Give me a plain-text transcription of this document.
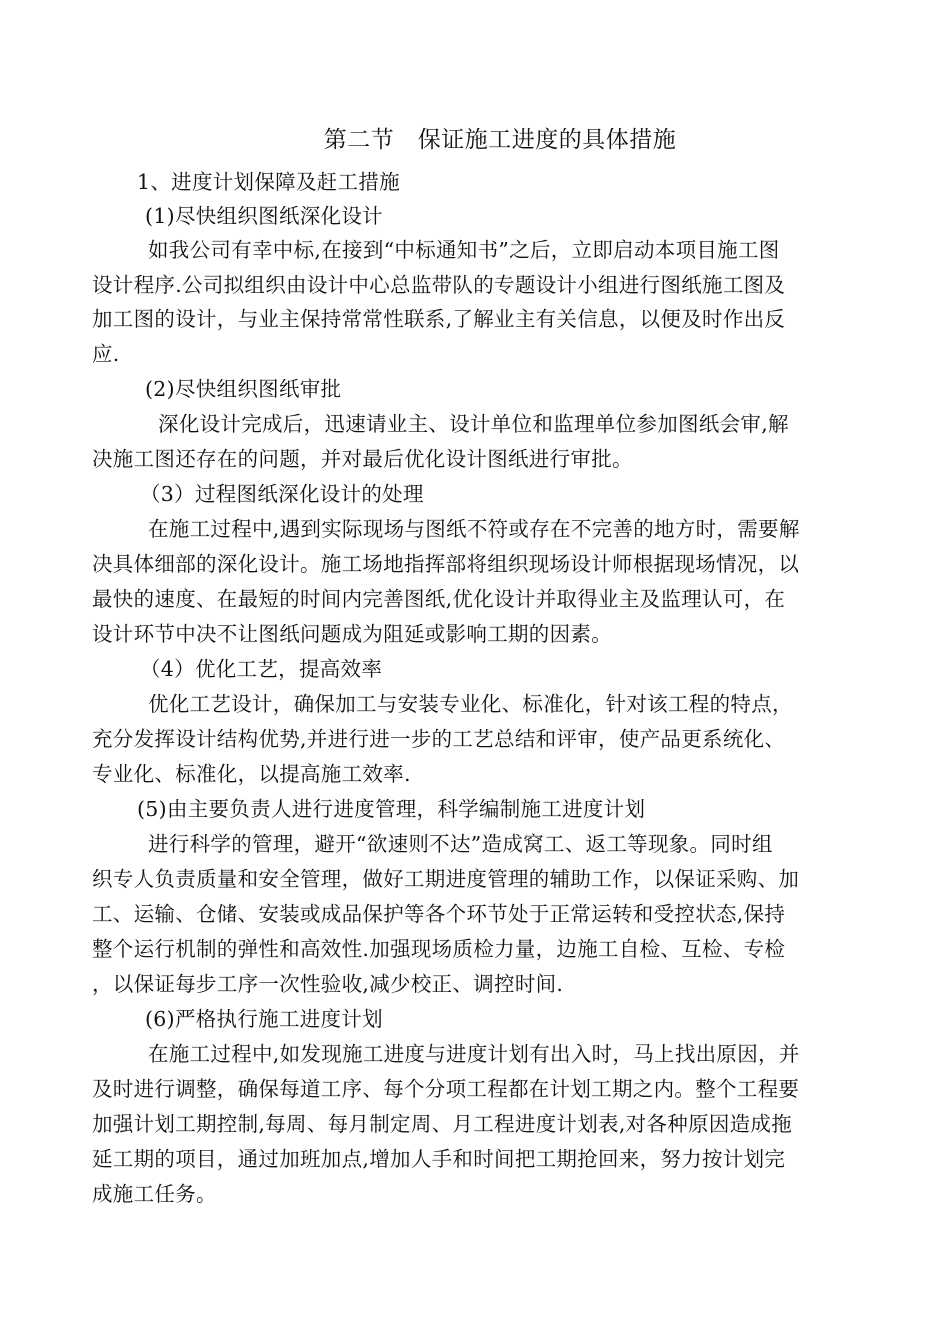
第二节　保证施工进度的具体措施
1、进度计划保障及赶工措施
(1)尽快组织图纸深化设计
如我公司有幸中标,在接到“中标通知书”之后，立即启动本项目施工图
设计程序.公司拟组织由设计中心总监带队的专题设计小组进行图纸施工图及
加工图的设计，与业主保持常常性联系,了解业主有关信息，以便及时作出反
应.
(2)尽快组织图纸审批
深化设计完成后，迅速请业主、设计单位和监理单位参加图纸会审,解
决施工图还存在的问题，并对最后优化设计图纸进行审批。
（3）过程图纸深化设计的处理
在施工过程中,遇到实际现场与图纸不符或存在不完善的地方时，需要解
决具体细部的深化设计。施工场地指挥部将组织现场设计师根据现场情况，以
最快的速度、在最短的时间内完善图纸,优化设计并取得业主及监理认可，在
设计环节中决不让图纸问题成为阻延或影响工期的因素。
（4）优化工艺，提高效率
优化工艺设计，确保加工与安装专业化、标准化，针对该工程的特点，
充分发挥设计结构优势,并进行进一步的工艺总结和评审，使产品更系统化、
专业化、标准化，以提高施工效率.
(5)由主要负责人进行进度管理，科学编制施工进度计划
进行科学的管理，避开“欲速则不达”造成窝工、返工等现象。同时组
织专人负责质量和安全管理，做好工期进度管理的辅助工作，以保证采购、加
工、运输、仓储、安装或成品保护等各个环节处于正常运转和受控状态,保持
整个运行机制的弹性和高效性.加强现场质检力量，边施工自检、互检、专检
，以保证每步工序一次性验收,减少校正、调控时间.
(6)严格执行施工进度计划
在施工过程中,如发现施工进度与进度计划有出入时，马上找出原因，并
及时进行调整，确保每道工序、每个分项工程都在计划工期之内。整个工程要
加强计划工期控制,每周、每月制定周、月工程进度计划表,对各种原因造成拖
延工期的项目，通过加班加点,增加人手和时间把工期抢回来，努力按计划完
成施工任务。
